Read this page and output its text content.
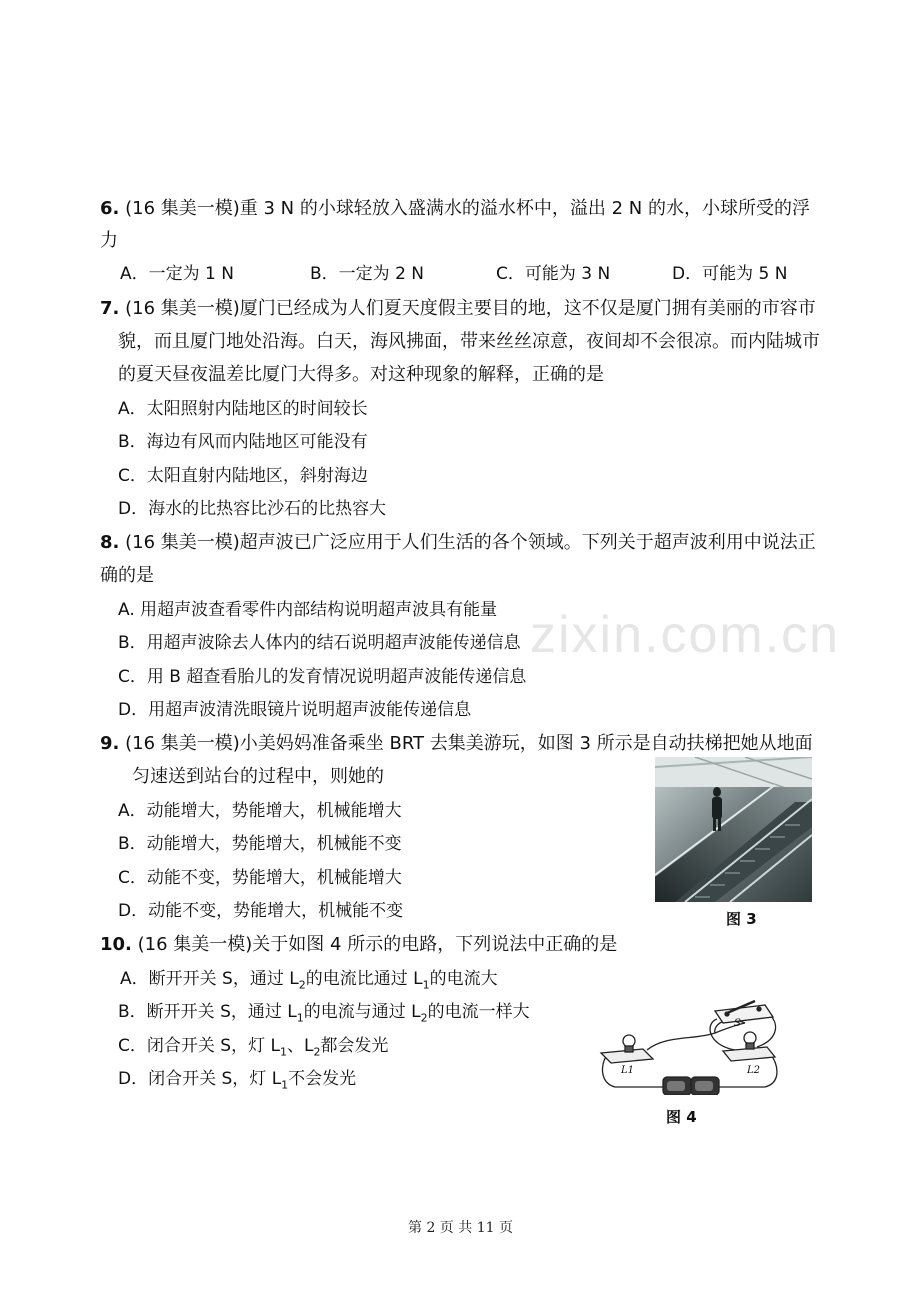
zixin.com.cn
6. (16 集美一模)重 3 N 的小球轻放入盛满水的溢水杯中，溢出 2 N 的水，小球所受的浮
力
A．一定为 1 N	B．一定为 2 N	C．可能为 3 N	D．可能为 5 N
7. (16 集美一模)厦门已经成为人们夏天度假主要目的地，这不仅是厦门拥有美丽的市容市
貌，而且厦门地处沿海。白天，海风拂面，带来丝丝凉意，夜间却不会很凉。而内陆城市
的夏天昼夜温差比厦门大得多。对这种现象的解释，正确的是
A．太阳照射内陆地区的时间较长
B．海边有风而内陆地区可能没有
C．太阳直射内陆地区，斜射海边
D．海水的比热容比沙石的比热容大
8. (16 集美一模)超声波已广泛应用于人们生活的各个领域。下列关于超声波利用中说法正
确的是
A. 用超声波查看零件内部结构说明超声波具有能量
B．用超声波除去人体内的结石说明超声波能传递信息
C．用 B 超查看胎儿的发育情况说明超声波能传递信息
D．用超声波清洗眼镜片说明超声波能传递信息
9. (16 集美一模)小美妈妈准备乘坐 BRT 去集美游玩，如图 3 所示是自动扶梯把她从地面
匀速送到站台的过程中，则她的
A．动能增大，势能增大，机械能增大
B．动能增大，势能增大，机械能不变
C．动能不变，势能增大，机械能增大
D．动能不变，势能增大，机械能不变	图 3
10. (16 集美一模)关于如图 4 所示的电路，下列说法中正确的是
A．断开开关 S，通过 $L_2$的电流比通过 $L_1$的电流大
B．断开开关 S，通过 $L_1$的电流与通过 $L_2$的电流一样大
C．闭合开关 S，灯 $L_1$、$L_2$都会发光
D．闭合开关 S，灯 $L_1$不会发光
S
L1	L2
图 4
第 2 页 共 11 页
